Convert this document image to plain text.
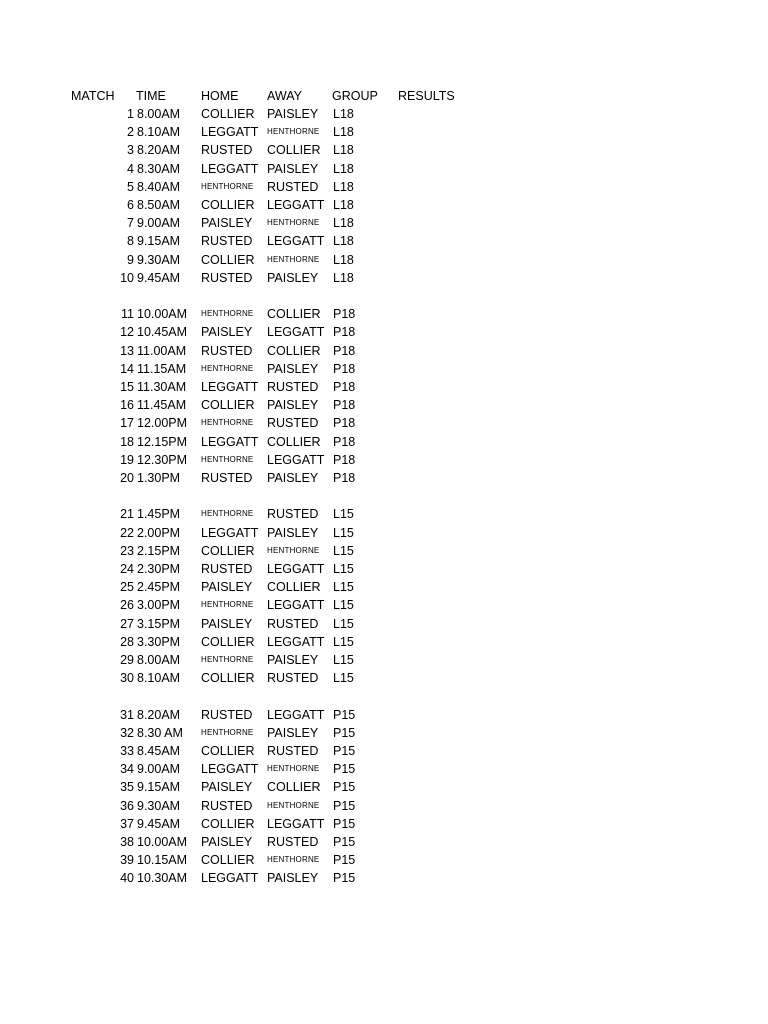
MATCH TIME	HOME AWAY GROUP RESULTS
1 8.00AM COLLIER PAISLEY L18
2 8.10AM LEGGATT HENTHORNE L18
3 8.20AM RUSTED COLLIER L18
4 8.30AM LEGGATT PAISLEY L18
5 8.40AM	HENTHORNE RUSTED L18
6 8.50AM COLLIER LEGGATT L18
7 9.00AM PAISLEY HENTHORNE L18
8 9.15AM RUSTED LEGGATT L18
9 9.30AM COLLIER HENTHORNE L18
10 9.45AM RUSTED PAISLEY L18
11 10.00AM HENTHORNE COLLIER P18
12 10.45AM PAISLEY LEGGATT P18
13 11.00AM RUSTED COLLIER P18
14 11.15AM HENTHORNE PAISLEY P18
15 11.30AM LEGGATT RUSTED P18
16 11.45AM COLLIER PAISLEY P18
17 12.00PM HENTHORNE RUSTED P18
18 12.15PM LEGGATT COLLIER P18
19 12.30PM HENTHORNE LEGGATT P18
20 1.30PM RUSTED PAISLEY P18
21 1.45PM	HENTHORNE RUSTED L15
22 2.00PM LEGGATT PAISLEY L15
23 2.15PM COLLIER HENTHORNE L15
24 2.30PM RUSTED LEGGATT L15
25 2.45PM PAISLEY COLLIER L15
26 3.00PM	HENTHORNE LEGGATT L15
27 3.15PM PAISLEY RUSTED L15
28 3.30PM COLLIER LEGGATT L15
29 8.00AM	HENTHORNE PAISLEY L15
30 8.10AM COLLIER RUSTED L15
31 8.20AM RUSTED LEGGATT P15
32 8.30 AM HENTHORNE PAISLEY P15
33 8.45AM COLLIER RUSTED P15
34 9.00AM LEGGATT HENTHORNE P15
35 9.15AM PAISLEY COLLIER P15
36 9.30AM RUSTED HENTHORNE P15
37 9.45AM COLLIER LEGGATT P15
38 10.00AM PAISLEY RUSTED P15
39 10.15AM COLLIER HENTHORNE P15
40 10.30AM LEGGATT PAISLEY P15
